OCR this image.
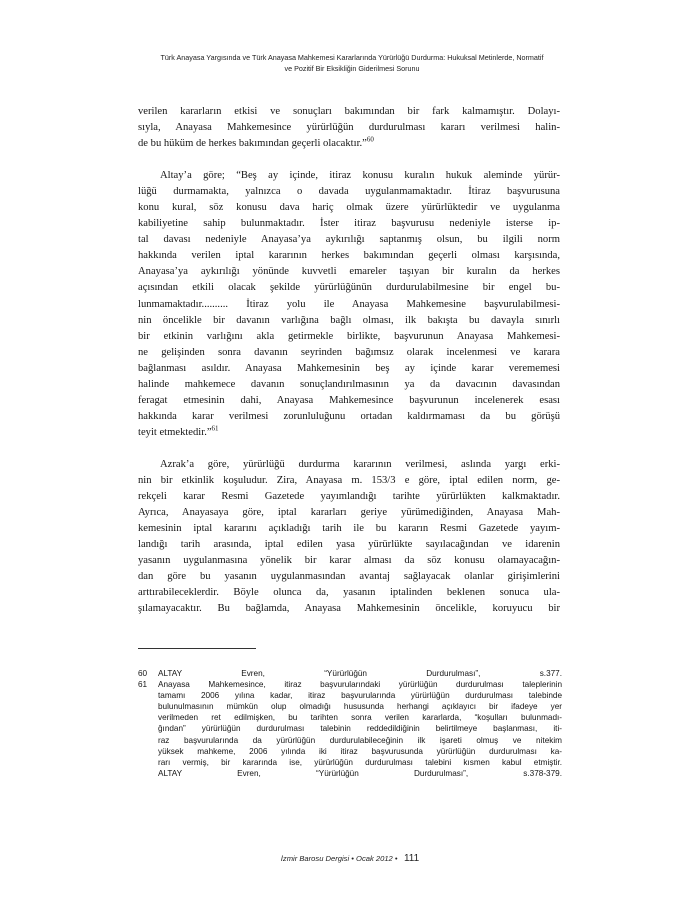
Türk Anayasa Yargısında ve Türk Anayasa Mahkemesi Kararlarında Yürürlüğü Durdurma: Hukuksal Metinlerde, Normatif
ve Pozitif Bir Eksikliğin Giderilmesi Sorunu
verilen kararların etkisi ve sonuçları bakımından bir fark kalmamıştır. Dolayı-
sıyla, Anayasa Mahkemesince yürürlüğün durdurulması kararı verilmesi halin-
de bu hüküm de herkes bakımından geçerli olacaktır.”$^{60}$
Altay’a göre; “Beş ay içinde, itiraz konusu kuralın hukuk aleminde yürür-
lüğü durmamakta, yalnızca o davada uygulanmamaktadır. İtiraz başvurusuna
konu kural, söz konusu dava hariç olmak üzere yürürlüktedir ve uygulanma
kabiliyetine sahip bulunmaktadır. İster itiraz başvurusu nedeniyle isterse ip-
tal davası nedeniyle Anayasa’ya aykırılığı saptanmış olsun, bu ilgili norm
hakkında verilen iptal kararının herkes bakımından geçerli olması karşısında,
Anayasa’ya aykırılığı yönünde kuvvetli emareler taşıyan bir kuralın da herkes
açısından etkili olacak şekilde yürürlüğünün durdurulabilmesine bir engel bu-
lunmamaktadır.......... İtiraz yolu ile Anayasa Mahkemesine başvurulabilmesi-
nin öncelikle bir davanın varlığına bağlı olması, ilk bakışta bu davayla sınırlı
bir etkinin varlığını akla getirmekle birlikte, başvurunun Anayasa Mahkemesi-
ne gelişinden sonra davanın seyrinden bağımsız olarak incelenmesi ve karara
bağlanması asıldır. Anayasa Mahkemesinin beş ay içinde karar verememesi
halinde mahkemece davanın sonuçlandırılmasının ya da davacının davasından
feragat etmesinin dahi, Anayasa Mahkemesince başvurunun incelenerek esası
hakkında karar verilmesi zorunluluğunu ortadan kaldırmaması da bu görüşü
teyit etmektedir.”$^{61}$
Azrak’a göre, yürürlüğü durdurma kararının verilmesi, aslında yargı erki-
nin bir etkinlik koşuludur. Zira, Anayasa m. 153/3 e göre, iptal edilen norm, ge-
rekçeli karar Resmi Gazetede yayımlandığı tarihte yürürlükten kalkmaktadır.
Ayrıca, Anayasaya göre, iptal kararları geriye yürümediğinden, Anayasa Mah-
kemesinin iptal kararını açıkladığı tarih ile bu kararın Resmi Gazetede yayım-
landığı tarih arasında, iptal edilen yasa yürürlükte sayılacağından ve idarenin
yasanın uygulanmasına yönelik bir karar alması da söz konusu olamayacağın-
dan göre bu yasanın uygulanmasından avantaj sağlayacak olanlar girişimlerini
arttırabileceklerdir. Böyle olunca da, yasanın iptalinden beklenen sonuca ula-
şılamayacaktır. Bu bağlamda, Anayasa Mahkemesinin öncelikle, koruyucu bir
60 ALTAY Evren, “Yürürlüğün Durdurulması”, s.377.
61 Anayasa Mahkemesince, itiraz başvurularındaki yürürlüğün durdurulması taleplerinin
tamamı 2006 yılına kadar, itiraz başvurularında yürürlüğün durdurulması talebinde
bulunulmasının mümkün olup olmadığı hususunda herhangi açıklayıcı bir ifadeye yer
verilmeden ret edilmişken, bu tarihten sonra verilen kararlarda, “koşulları bulunmadı-
ğından” yürürlüğün durdurulması talebinin reddedildiğinin belirtilmeye başlanması, iti-
raz başvurularında da yürürlüğün durdurulabileceğinin ilk işareti olmuş ve nitekim
yüksek mahkeme, 2006 yılında iki itiraz başvurusunda yürürlüğün durdurulması ka-
rarı vermiş, bir kararında ise, yürürlüğün durdurulması talebini kısmen kabul etmiştir.
ALTAY Evren, “Yürürlüğün Durdurulması”, s.378-379.
İzmir Barosu Dergisi • Ocak 2012 • 111
